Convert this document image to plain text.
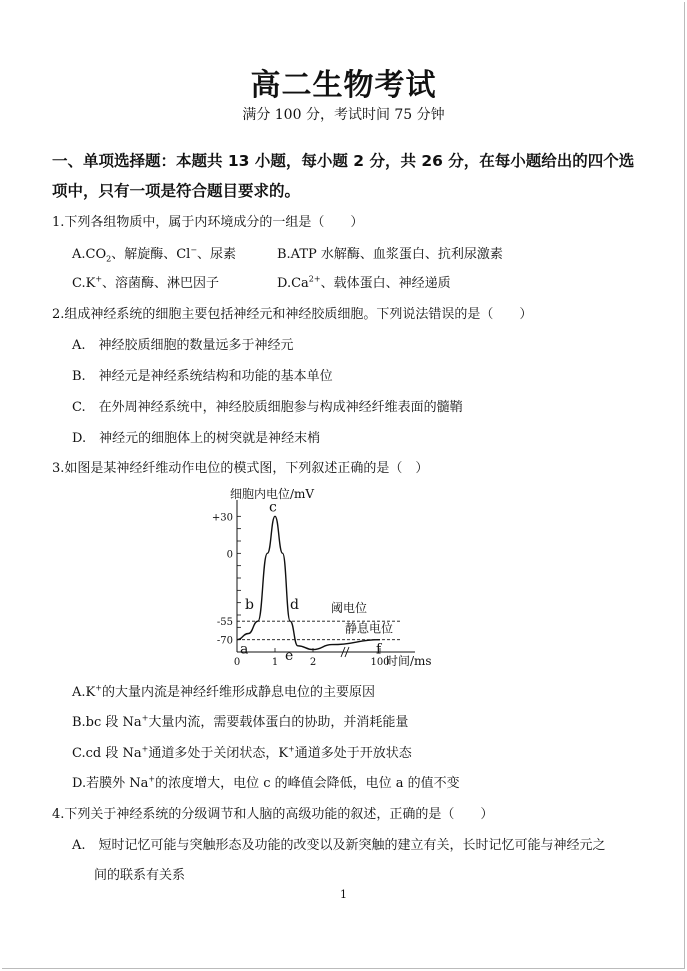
高二生物考试
满分 100 分，考试时间 75 分钟
一、单项选择题：本题共 13 小题，每小题 2 分，共 26 分，在每小题给出的四个选
项中，只有一项是符合题目要求的。
1.下列各组物质中，属于内环境成分的一组是（　　）
$A.CO_2$、解旋酶、Cl−、尿素	B.ATP 水解酶、血浆蛋白、抗利尿激素
C.K+、溶菌酶、淋巴因子	$D.Ca^{2+}$、载体蛋白、神经递质
2.组成神经系统的细胞主要包括神经元和神经胶质细胞。下列说法错误的是（　　）
A.　神经胶质细胞的数量远多于神经元
B.　神经元是神经系统结构和功能的基本单位
C.　在外周神经系统中，神经胶质细胞参与构成神经纤维表面的髓鞘
D.　神经元的细胞体上的树突就是神经末梢
3.如图是某神经纤维动作电位的模式图，下列叙述正确的是（　）
+30
0
-55
-70
0	1	2	100
a
b
c
d
e	f
阈电位
静息电位
细胞内电位/mV
时间/ms
A.K+的大量内流是神经纤维形成静息电位的主要原因
B.bc 段 Na+大量内流，需要载体蛋白的协助，并消耗能量
C.cd 段 Na+通道多处于关闭状态，K+通道多处于开放状态
D.若膜外 Na+的浓度增大，电位 c 的峰值会降低，电位 a 的值不变
4.下列关于神经系统的分级调节和人脑的高级功能的叙述，正确的是（　　）
A.　短时记忆可能与突触形态及功能的改变以及新突触的建立有关，长时记忆可能与神经元之
间的联系有关系
1
